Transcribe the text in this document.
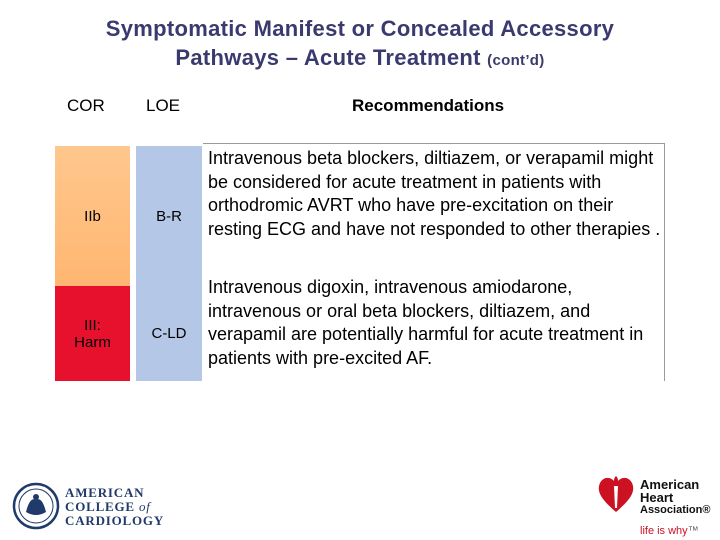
Symptomatic Manifest or Concealed Accessory
Pathways – Acute Treatment (cont’d)
COR LOE	Recommendations
IIb
III:
Harm
B-R
C-LD
Intravenous beta blockers, diltiazem, or verapamil might be considered for acute treatment in patients with orthodromic AVRT who have pre-excitation on their resting ECG and have not responded to other therapies .
Intravenous digoxin, intravenous amiodarone, intravenous or oral beta blockers, diltiazem, and verapamil are potentially harmful for acute treatment in patients with pre-excited AF.
AMERICAN
COLLEGE of
CARDIOLOGY
American
Heart
Association®
life is why™
